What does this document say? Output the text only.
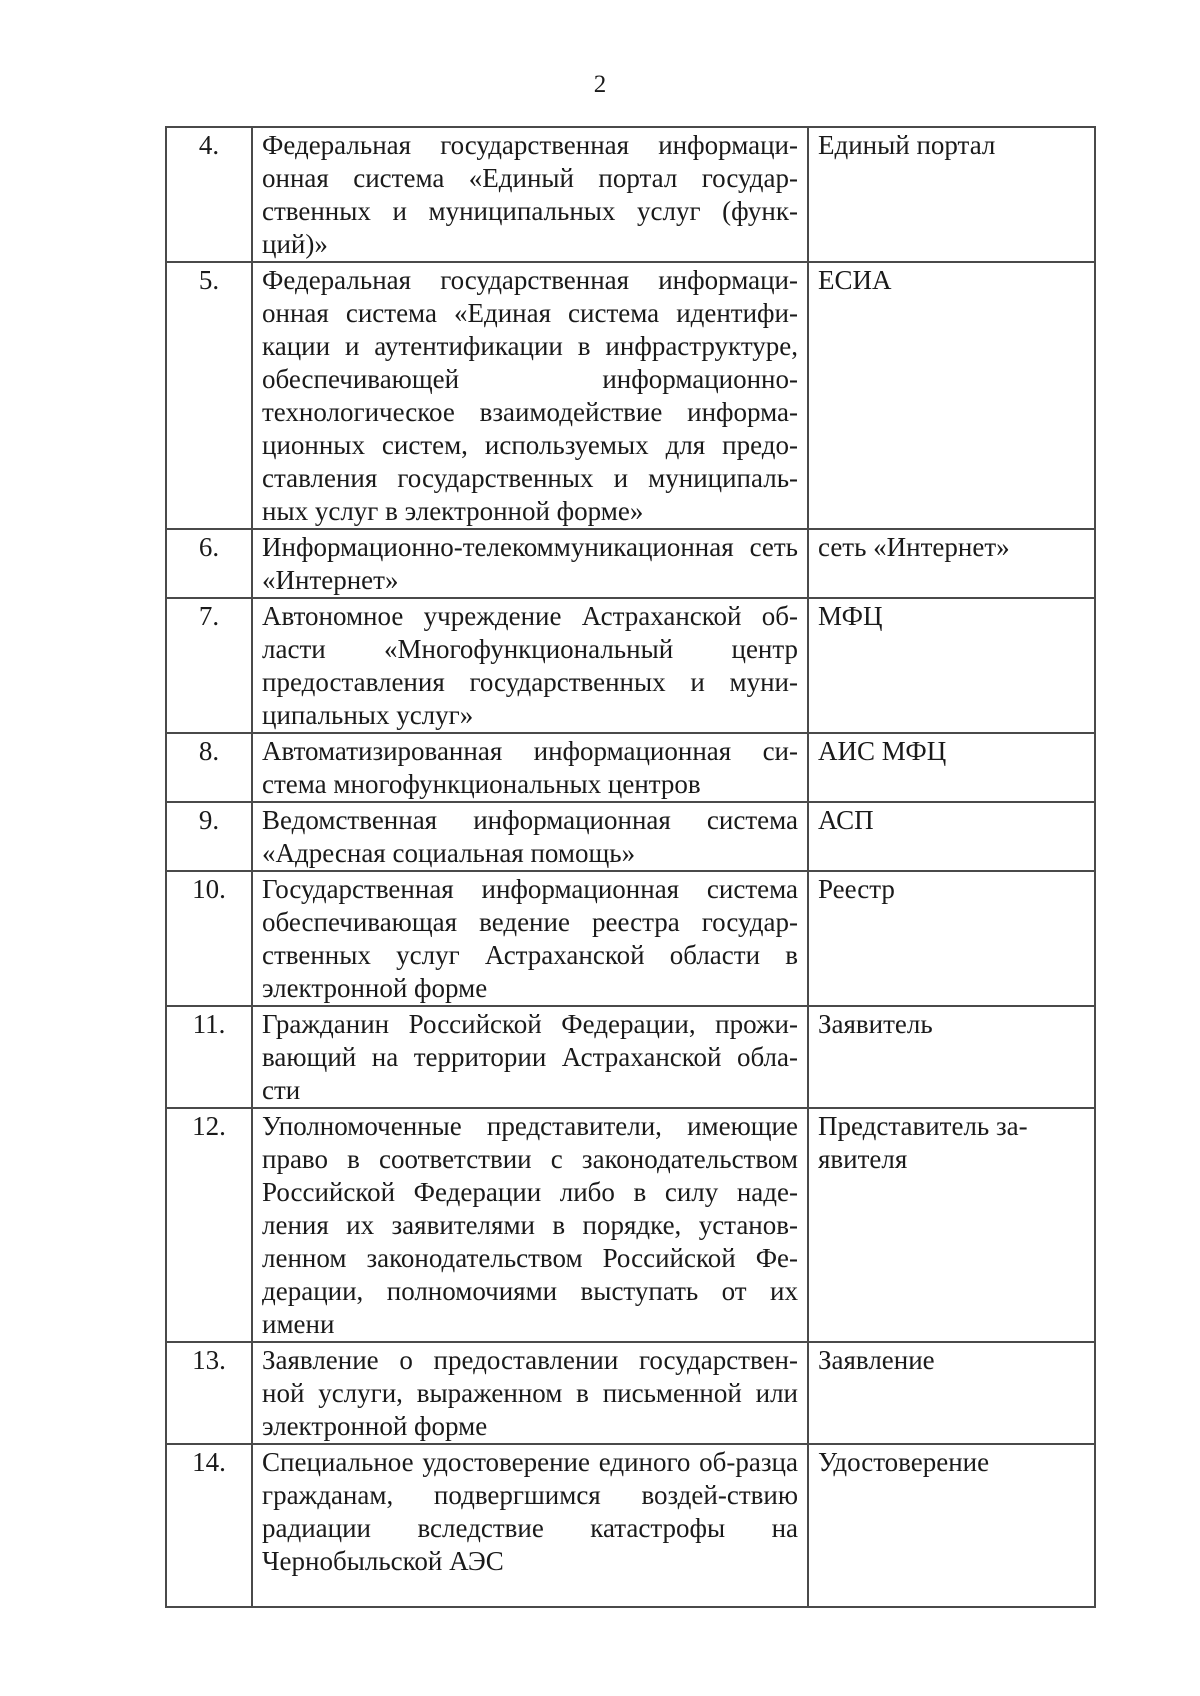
2
4.	Федеральная государственная информаци-онная система «Единый портал государ-ственных и муниципальных услуг (функ-ций)»	Единый портал
5.	Федеральная государственная информаци-онная система «Единая система идентифи-кации и аутентификации в инфраструктуре, обеспечивающей информационно-технологическое взаимодействие информа-ционных систем, используемых для предо-ставления государственных и муниципаль-ных услуг в электронной форме»	ЕСИА
6.	Информационно-телекоммуникационная сеть «Интернет»	сеть «Интернет»
7.	Автономное учреждение Астраханской об-ласти «Многофункциональный центр предоставления государственных и муни-ципальных услуг»	МФЦ
8.	Автоматизированная информационная си-стема многофункциональных центров	АИС МФЦ
9.	Ведомственная информационная система «Адресная социальная помощь»	АСП
10.	Государственная информационная система обеспечивающая ведение реестра государ-ственных услуг Астраханской области в электронной форме	Реестр
11.	Гражданин Российской Федерации, прожи-вающий на территории Астраханской обла-сти	Заявитель
12.	Уполномоченные представители, имеющие право в соответствии с законодательством Российской Федерации либо в силу наде-ления их заявителями в порядке, установ-ленном законодательством Российской Фе-дерации, полномочиями выступать от их имени	Представитель за-явителя
13.	Заявление о предоставлении государствен-ной услуги, выраженном в письменной или электронной форме	Заявление
14.	Специальное удостоверение единого об-разца гражданам, подвергшимся воздей-ствию радиации вследствие катастрофы на Чернобыльской АЭС	Удостоверение
